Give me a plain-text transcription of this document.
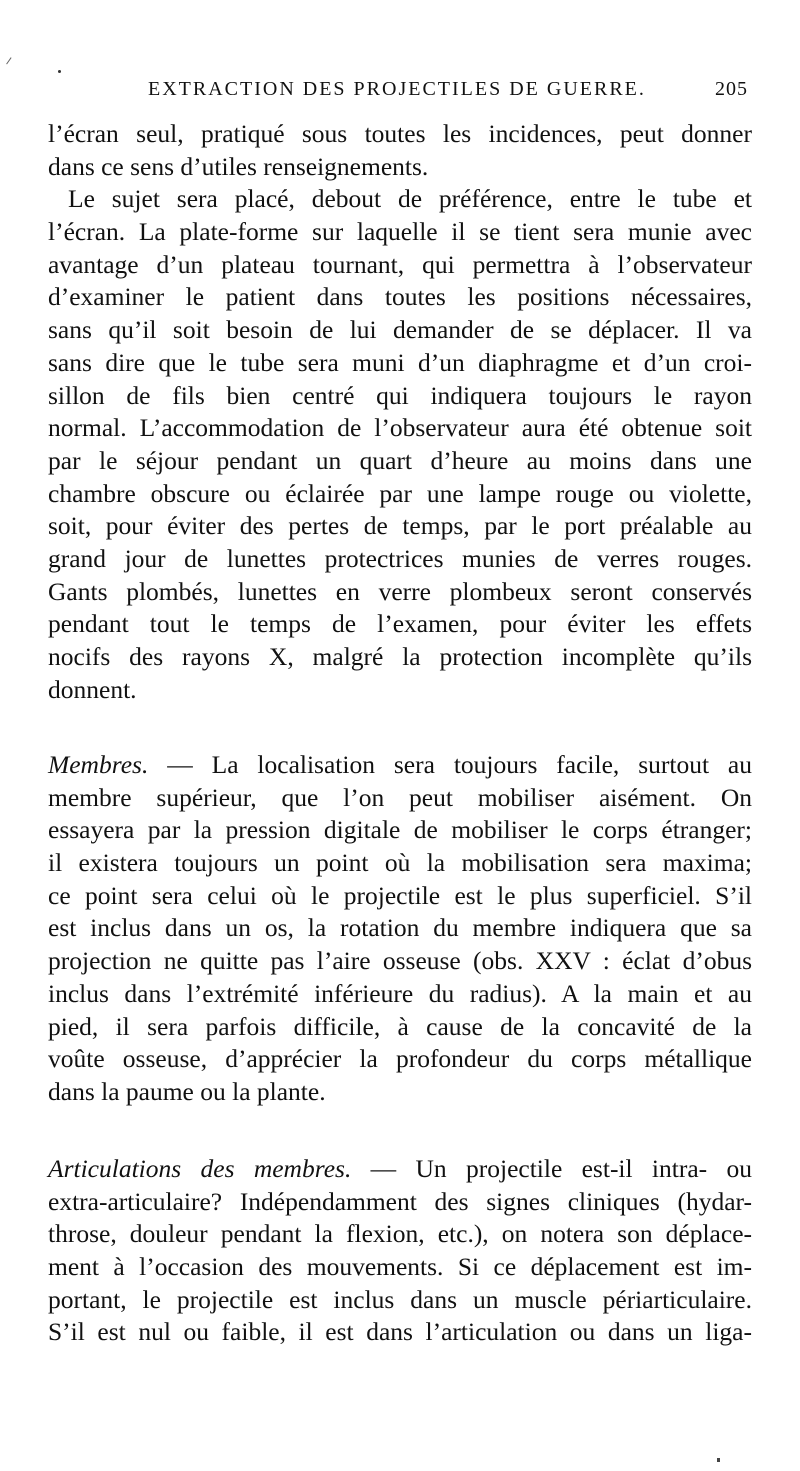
EXTRACTION DES PROJECTILES DE GUERRE.	205
l’écran seul, pratiqué sous toutes les incidences, peut donner
dans ce sens d’utiles renseignements.
Le sujet sera placé, debout de préférence, entre le tube et
l’écran. La plate-forme sur laquelle il se tient sera munie avec
avantage d’un plateau tournant, qui permettra à l’observateur
d’examiner le patient dans toutes les positions nécessaires,
sans qu’il soit besoin de lui demander de se déplacer. Il va
sans dire que le tube sera muni d’un diaphragme et d’un croi-
sillon de fils bien centré qui indiquera toujours le rayon
normal. L’accommodation de l’observateur aura été obtenue soit
par le séjour pendant un quart d’heure au moins dans une
chambre obscure ou éclairée par une lampe rouge ou violette,
soit, pour éviter des pertes de temps, par le port préalable au
grand jour de lunettes protectrices munies de verres rouges.
Gants plombés, lunettes en verre plombeux seront conservés
pendant tout le temps de l’examen, pour éviter les effets
nocifs des rayons X, malgré la protection incomplète qu’ils
donnent.
Membres. — La localisation sera toujours facile, surtout au
membre supérieur, que l’on peut mobiliser aisément. On
essayera par la pression digitale de mobiliser le corps étranger;
il existera toujours un point où la mobilisation sera maxima;
ce point sera celui où le projectile est le plus superficiel. S’il
est inclus dans un os, la rotation du membre indiquera que sa
projection ne quitte pas l’aire osseuse (obs. XXV : éclat d’obus
inclus dans l’extrémité inférieure du radius). A la main et au
pied, il sera parfois difficile, à cause de la concavité de la
voûte osseuse, d’apprécier la profondeur du corps métallique
dans la paume ou la plante.
Articulations des membres. — Un projectile est-il intra- ou
extra-articulaire? Indépendamment des signes cliniques (hydar-
throse, douleur pendant la flexion, etc.), on notera son déplace-
ment à l’occasion des mouvements. Si ce déplacement est im-
portant, le projectile est inclus dans un muscle périarticulaire.
S’il est nul ou faible, il est dans l’articulation ou dans un liga-
